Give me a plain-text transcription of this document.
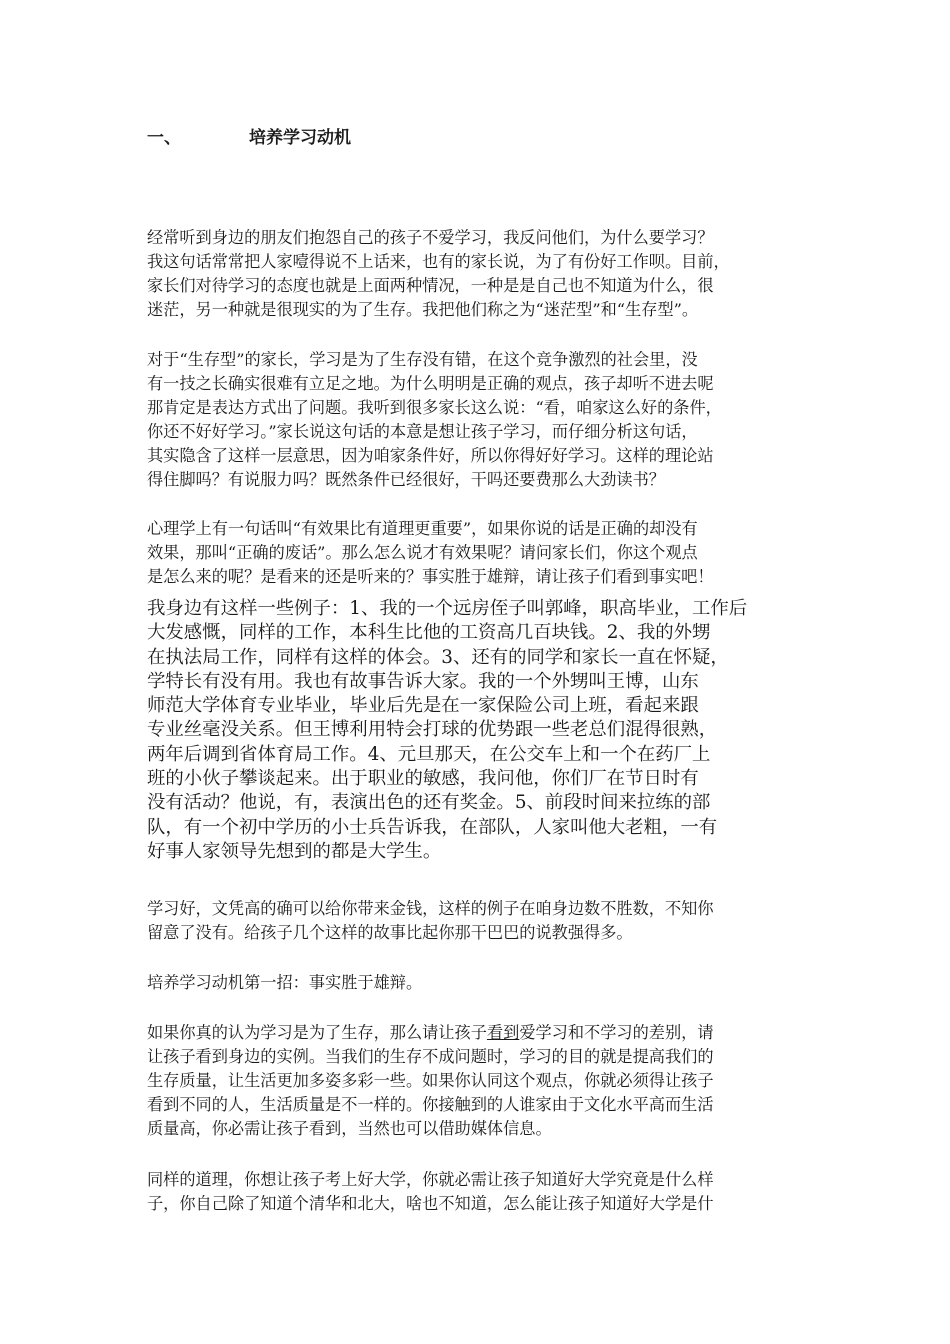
一、	培养学习动机

经常听到身边的朋友们抱怨自己的孩子不爱学习，我反问他们，为什么要学习？
我这句话常常把人家噎得说不上话来，也有的家长说，为了有份好工作呗。目前，
家长们对待学习的态度也就是上面两种情况，一种是是自己也不知道为什么，很
迷茫，另一种就是很现实的为了生存。我把他们称之为“迷茫型”和“生存型”。

对于“生存型”的家长，学习是为了生存没有错，在这个竞争激烈的社会里，没
有一技之长确实很难有立足之地。为什么明明是正确的观点，孩子却听不进去呢
那肯定是表达方式出了问题。我听到很多家长这么说：“看，咱家这么好的条件，
你还不好好学习。”家长说这句话的本意是想让孩子学习，而仔细分析这句话，
其实隐含了这样一层意思，因为咱家条件好，所以你得好好学习。这样的理论站
得住脚吗？有说服力吗？既然条件已经很好，干吗还要费那么大劲读书？

心理学上有一句话叫“有效果比有道理更重要”，如果你说的话是正确的却没有
效果，那叫“正确的废话”。那么怎么说才有效果呢？请问家长们，你这个观点
是怎么来的呢？是看来的还是听来的？事实胜于雄辩，请让孩子们看到事实吧！

我身边有这样一些例子：1、我的一个远房侄子叫郭峰，职高毕业，工作后
大发感慨，同样的工作，本科生比他的工资高几百块钱。2、我的外甥
在执法局工作，同样有这样的体会。3、还有的同学和家长一直在怀疑，
学特长有没有用。我也有故事告诉大家。我的一个外甥叫王博，山东
师范大学体育专业毕业，毕业后先是在一家保险公司上班，看起来跟
专业丝毫没关系。但王博利用特会打球的优势跟一些老总们混得很熟，
两年后调到省体育局工作。4、元旦那天，在公交车上和一个在药厂上
班的小伙子攀谈起来。出于职业的敏感，我问他，你们厂在节日时有
没有活动？他说，有，表演出色的还有奖金。5、前段时间来拉练的部
队，有一个初中学历的小士兵告诉我，在部队，人家叫他大老粗，一有
好事人家领导先想到的都是大学生。

学习好，文凭高的确可以给你带来金钱，这样的例子在咱身边数不胜数，不知你
留意了没有。给孩子几个这样的故事比起你那干巴巴的说教强得多。

培养学习动机第一招：事实胜于雄辩。

如果你真的认为学习是为了生存，那么请让孩子看到爱学习和不学习的差别，请
让孩子看到身边的实例。当我们的生存不成问题时，学习的目的就是提高我们的
生存质量，让生活更加多姿多彩一些。如果你认同这个观点，你就必须得让孩子
看到不同的人，生活质量是不一样的。你接触到的人谁家由于文化水平高而生活
质量高，你必需让孩子看到，当然也可以借助媒体信息。

同样的道理，你想让孩子考上好大学，你就必需让孩子知道好大学究竟是什么样
子，你自己除了知道个清华和北大，啥也不知道，怎么能让孩子知道好大学是什
